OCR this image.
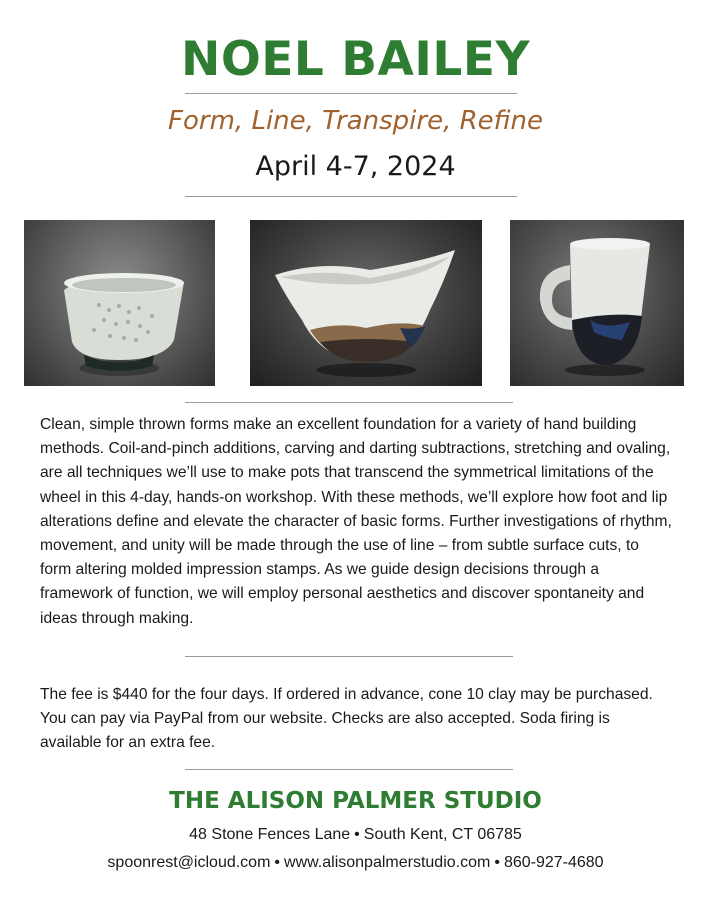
NOEL BAILEY
Form, Line, Transpire, Refine
April 4-7, 2024

Clean, simple thrown forms make an excellent foundation for a variety of hand building methods. Coil-and-pinch additions, carving and darting subtractions, stretching and ovaling, are all techniques we’ll use to make pots that transcend the symmetrical limitations of the wheel in this 4-day, hands-on workshop. With these methods, we’ll explore how foot and lip alterations define and elevate the character of basic forms. Further investigations of rhythm, movement, and unity will be made through the use of line – from subtle surface cuts, to form altering molded impression stamps. As we guide design decisions through a framework of function, we will employ personal aesthetics and discover spontaneity and ideas through making.

The fee is $440 for the four days. If ordered in advance, cone 10 clay may be purchased. You can pay via PayPal from our website. Checks are also accepted. Soda firing is available for an extra fee.

THE ALISON PALMER STUDIO
48 Stone Fences Lane • South Kent, CT 06785
spoonrest@icloud.com • www.alisonpalmerstudio.com • 860-927-4680
